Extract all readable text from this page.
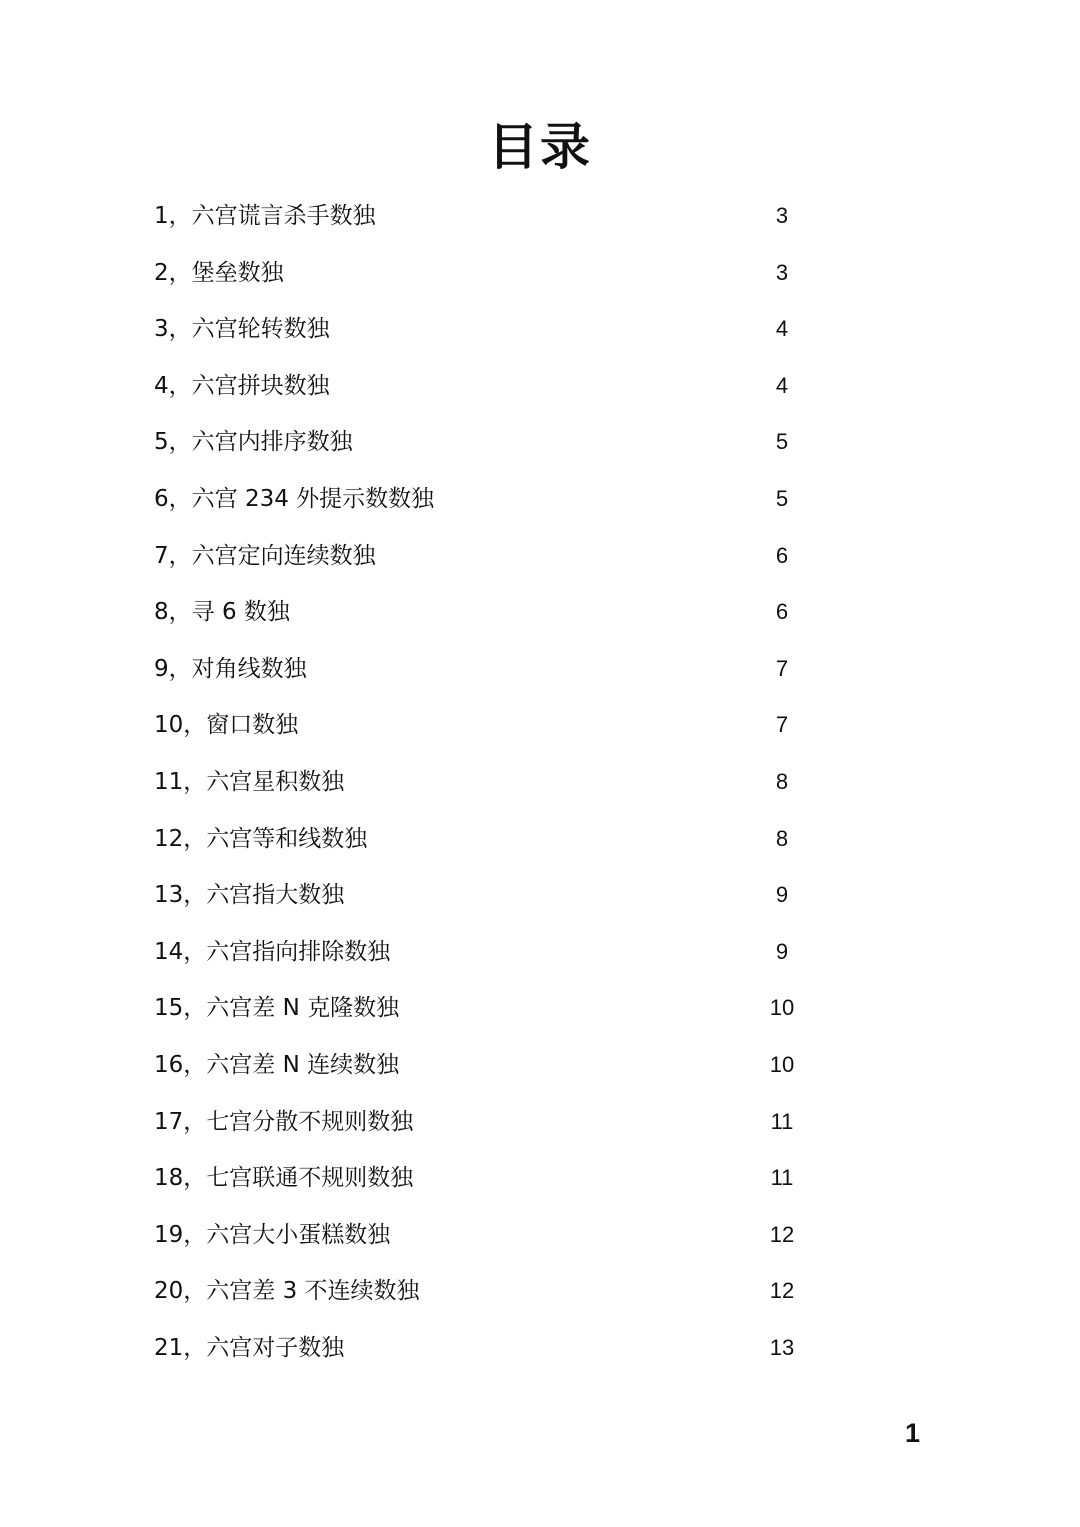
目录
1，六宫谎言杀手数独	3
2，堡垒数独	3
3，六宫轮转数独	4
4，六宫拼块数独	4
5，六宫内排序数独	5
6，六宫 234 外提示数数独	5
7，六宫定向连续数独	6
8，寻 6 数独	6
9，对角线数独	7
10，窗口数独	7
11，六宫星积数独	8
12，六宫等和线数独	8
13，六宫指大数独	9
14，六宫指向排除数独	9
15，六宫差 N 克隆数独	10
16，六宫差 N 连续数独	10
17，七宫分散不规则数独	11
18，七宫联通不规则数独	11
19，六宫大小蛋糕数独	12
20，六宫差 3 不连续数独	12
21，六宫对子数独	13
1
